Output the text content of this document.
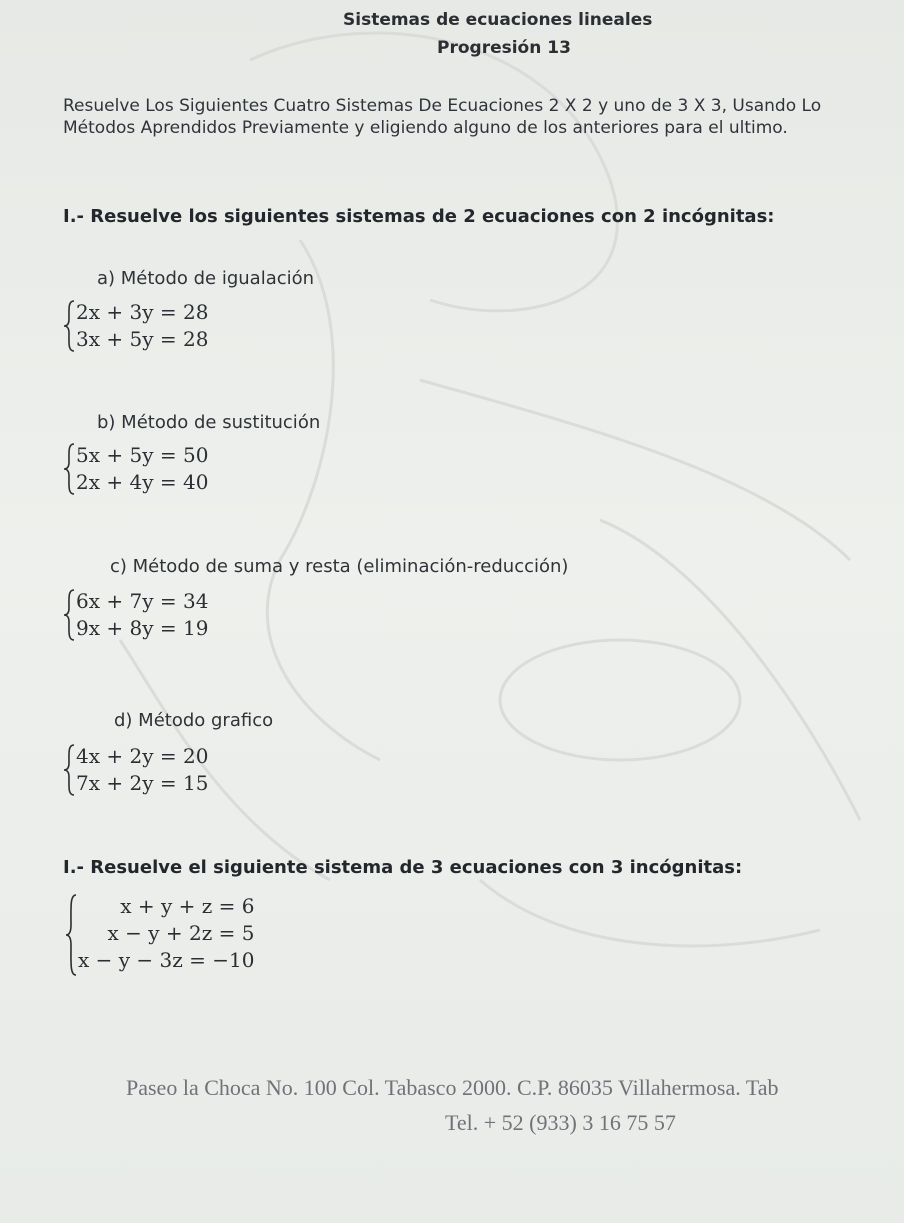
Sistemas de ecuaciones lineales
Progresión 13
Resuelve Los Siguientes Cuatro Sistemas De Ecuaciones 2 X 2 y uno de 3 X 3, Usando Lo
Métodos Aprendidos Previamente y eligiendo alguno de los anteriores para el ultimo.
I.- Resuelve los siguientes sistemas de 2 ecuaciones con 2 incógnitas:
a) Método de igualación
2x + 3y = 28
3x + 5y = 28
b) Método de sustitución
5x + 5y = 50
2x + 4y = 40
c) Método de suma y resta (eliminación-reducción)
6x + 7y = 34
9x + 8y = 19
d) Método grafico
4x + 2y = 20
7x + 2y = 15
I.- Resuelve el siguiente sistema de 3 ecuaciones con 3 incógnitas:
x + y + z = 6
x − y + 2z = 5
x − y − 3z = −10
Paseo la Choca No. 100 Col. Tabasco 2000. C.P. 86035 Villahermosa. Tab
Tel. + 52 (933) 3 16 75 57
